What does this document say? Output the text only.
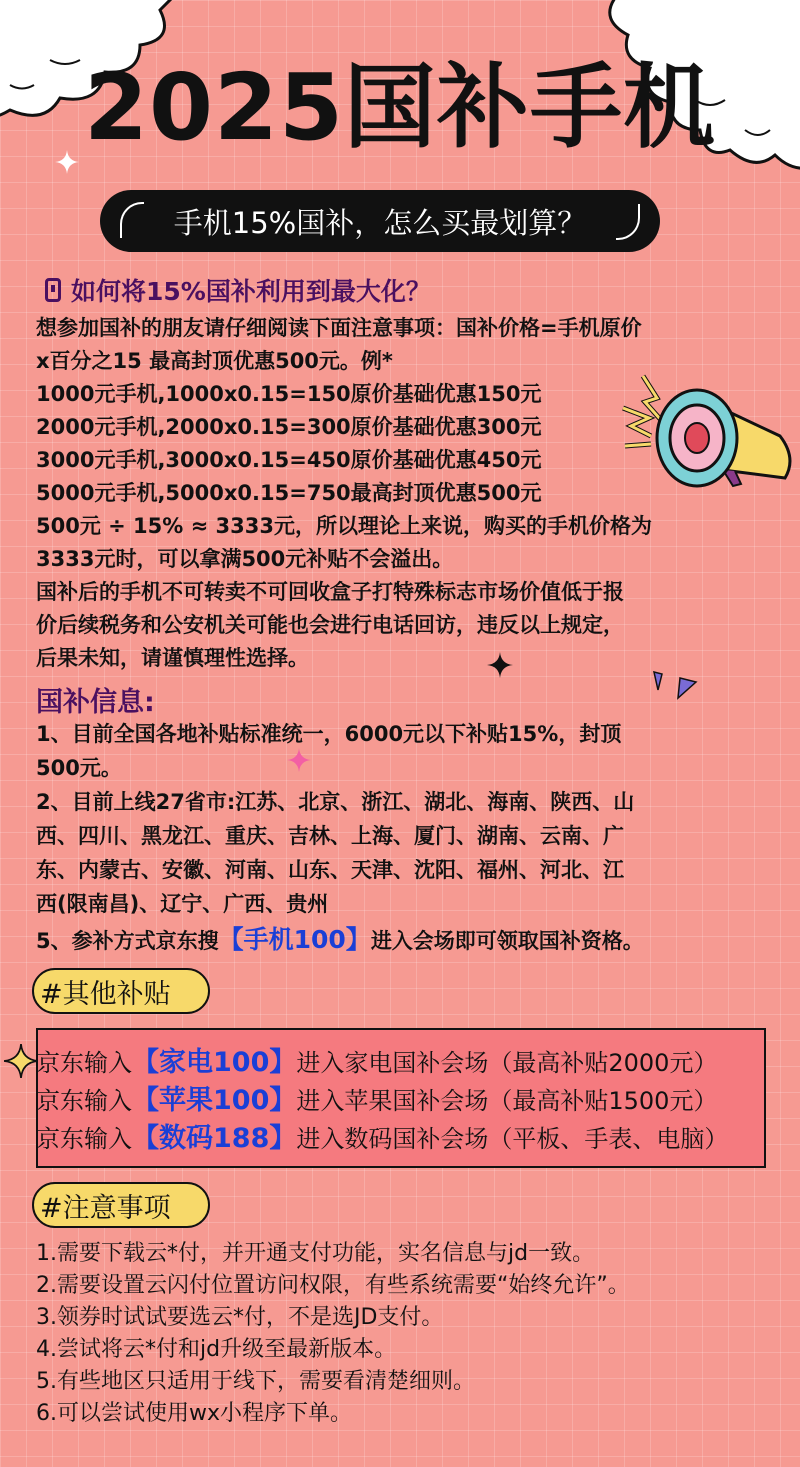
2025国补手机
手机15%国补，怎么买最划算？
如何将15%国补利用到最大化？

想参加国补的朋友请仔细阅读下面注意事项：国补价格=手机原价

x百分之15 最高封顶优惠500元。例*

1000元手机,1000x0.15=150原价基础优惠150元

2000元手机,2000x0.15=300原价基础优惠300元

3000元手机,3000x0.15=450原价基础优惠450元

5000元手机,5000x0.15=750最高封顶优惠500元

500元 ÷ 15% ≈ 3333元，所以理论上来说，购买的手机价格为

3333元时，可以拿满500元补贴不会溢出。

国补后的手机不可转卖不可回收盒子打特殊标志市场价值低于报

价后续税务和公安机关可能也会进行电话回访，违反以上规定，

后果未知，请谨慎理性选择。

国补信息:

1、目前全国各地补贴标准统一，6000元以下补贴15%，封顶

500元。

2、目前上线27省市:江苏、北京、浙江、湖北、海南、陕西、山

西、四川、黑龙江、重庆、吉林、上海、厦门、湖南、云南、广

东、内蒙古、安徽、河南、山东、天津、沈阳、福州、河北、江

西(限南昌)、辽宁、广西、贵州

5、参补方式京东搜【手机100】进入会场即可领取国补资格。

#其他补贴

京东输入【家电100】进入家电国补会场（最高补贴2000元）

京东输入【苹果100】进入苹果国补会场（最高补贴1500元）

京东输入【数码188】进入数码国补会场（平板、手表、电脑）

#注意事项

1.需要下载云*付，并开通支付功能，实名信息与jd一致。

2.需要设置云闪付位置访问权限，有些系统需要“始终允许”。

3.领券时试试要选云*付，不是选JD支付。

4.尝试将云*付和jd升级至最新版本。

5.有些地区只适用于线下，需要看清楚细则。

6.可以尝试使用wx小程序下单。
